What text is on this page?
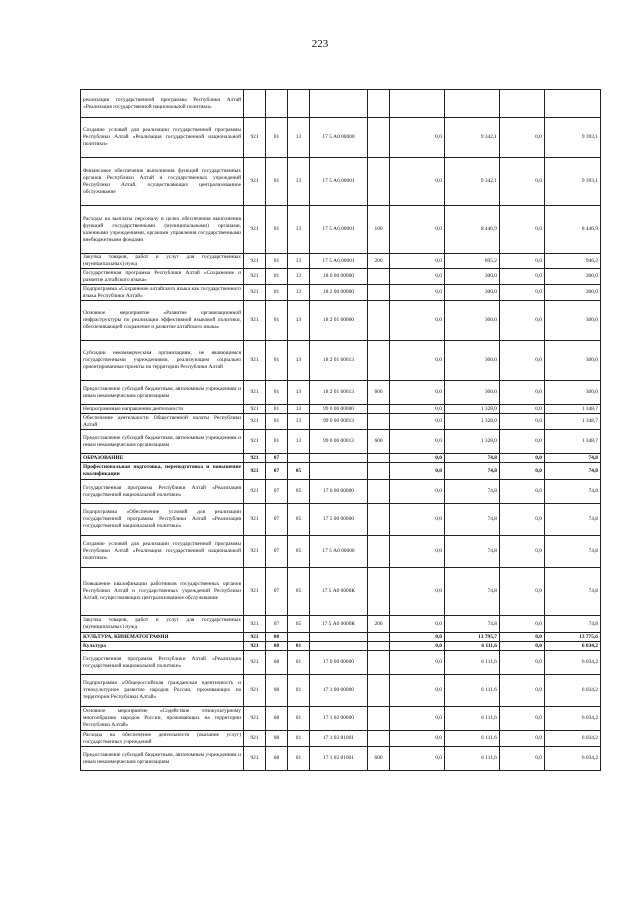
223
реализации государственной программы Республики Алтай «Реализация государственной национальной политики»									
Создание условий для реализации государственной программы Республики Алтай «Реализация государственной национальной политики»	921	01	13	17 5 А0 00000		0,0	9 342,1	0,0	9 393,1
Финансовое обеспечение выполнения функций государственных органов Республики Алтай и государственных учреждений Республики Алтай, осуществляющих централизованное обслуживание	921	01	13	17 5 А0 00001		0,0	9 342,1	0,0	9 393,1
Расходы на выплаты персоналу в целях обеспечения выполнения функций государственными (муниципальными) органами, казенными учреждениями, органами управления государственными внебюджетными фондами	921	01	13	17 5 А0 00001	100	0,0	8 446,9	0,0	8 446,9
Закупка товаров, работ и услуг для государственных (муниципальных) нужд	921	01	13	17 5 А0 00001	200	0,0	895,2	0,0	946,2
Государственная программа Республики Алтай «Сохранение и развитие алтайского языка»	921	01	13	18 0 00 00000		0,0	300,0	0,0	300,0
Подпрограмма «Сохранение алтайского языка как государственного языка Республики Алтай»	921	01	13	18 2 00 00000		0,0	300,0	0,0	300,0
Основное мероприятие «Развитие организационной инфраструктуры по реализации эффективной языковой политики, обеспечивающей сохранение и развитие алтайского языка»	921	01	13	18 2 01 00000		0,0	300,0	0,0	300,0
Субсидии некоммерческим организациям, не являющимся государственными учреждениями, реализующим социально ориентированные проекты на территории Республики Алтай	921	01	13	18 2 01 60013		0,0	300,0	0,0	300,0
Предоставление субсидий бюджетным, автономным учреждениям и иным некоммерческим организациям	921	01	13	18 2 01 60013	600	0,0	300,0	0,0	300,0
Непрограммные направления деятельности	921	01	13	99 0 00 00000		0,0	1 328,0	0,0	1 348,7
Обеспечение деятельности Общественной палаты Республики Алтай	921	01	13	99 0 00 00013		0,0	1 328,0	0,0	1 348,7
Предоставление субсидий бюджетным, автономным учреждениям и иным некоммерческим организациям	921	01	13	99 0 00 00013	600	0,0	1 328,0	0,0	1 348,7
ОБРАЗОВАНИЕ	921	07				0,0	74,8	0,0	74,8
Профессиональная подготовка, переподготовка и повышение квалификации	921	07	05			0,0	74,8	0,0	74,8
Государственная программа Республики Алтай «Реализация государственной национальной политики»	921	07	05	17 0 00 00000		0,0	74,8	0,0	74,8
Подпрограмма «Обеспечение условий для реализации государственной программы Республики Алтай «Реализация государственной национальной политики»	921	07	05	17 5 00 00000		0,0	74,8	0,0	74,8
Создание условий для реализации государственной программы Республики Алтай «Реализация государственной национальной политики»	921	07	05	17 5 А0 00000		0,0	74,8	0,0	74,8
Повышение квалификации работников государственных органов Республики Алтай и государственных учреждений Республики Алтай, осуществляющих централизованное обслуживание	921	07	05	17 5 А0 0000К		0,0	74,8	0,0	74,8
Закупка товаров, работ и услуг для государственных (муниципальных) нужд	921	07	05	17 5 А0 0000К	200	0,0	74,8	0,0	74,8
КУЛЬТУРА, КИНЕМАТОГРАФИЯ	921	08				0,0	13 795,7	0,0	13 775,6
Культура	921	08	01			0,0	6 111,6	0,0	6 034,2
Государственная программа Республики Алтай «Реализация государственной национальной политики»	921	08	01	17 0 00 00000		0,0	6 111,6	0,0	6 034,2
Подпрограмма «Общероссийская гражданская идентичность и этнокультурное развитие народов России, проживающих на территории Республики Алтай»	921	08	01	17 1 00 00000		0,0	6 111,6	0,0	6 034,2
Основное мероприятие «Содействие этнокультурному многообразию народов России, проживающих на территории Республики Алтай»	921	08	01	17 1 02 00000		0,0	6 111,6	0,0	6 034,2
Расходы на обеспечение деятельности (оказание услуг) государственных учреждений	921	08	01	17 1 02 81001		0,0	6 111,6	0,0	6 034,2
Предоставление субсидий бюджетным, автономным учреждениям и иным некоммерческим организациям	921	08	01	17 1 02 81001	600	0,0	6 111,6	0,0	6 034,2
